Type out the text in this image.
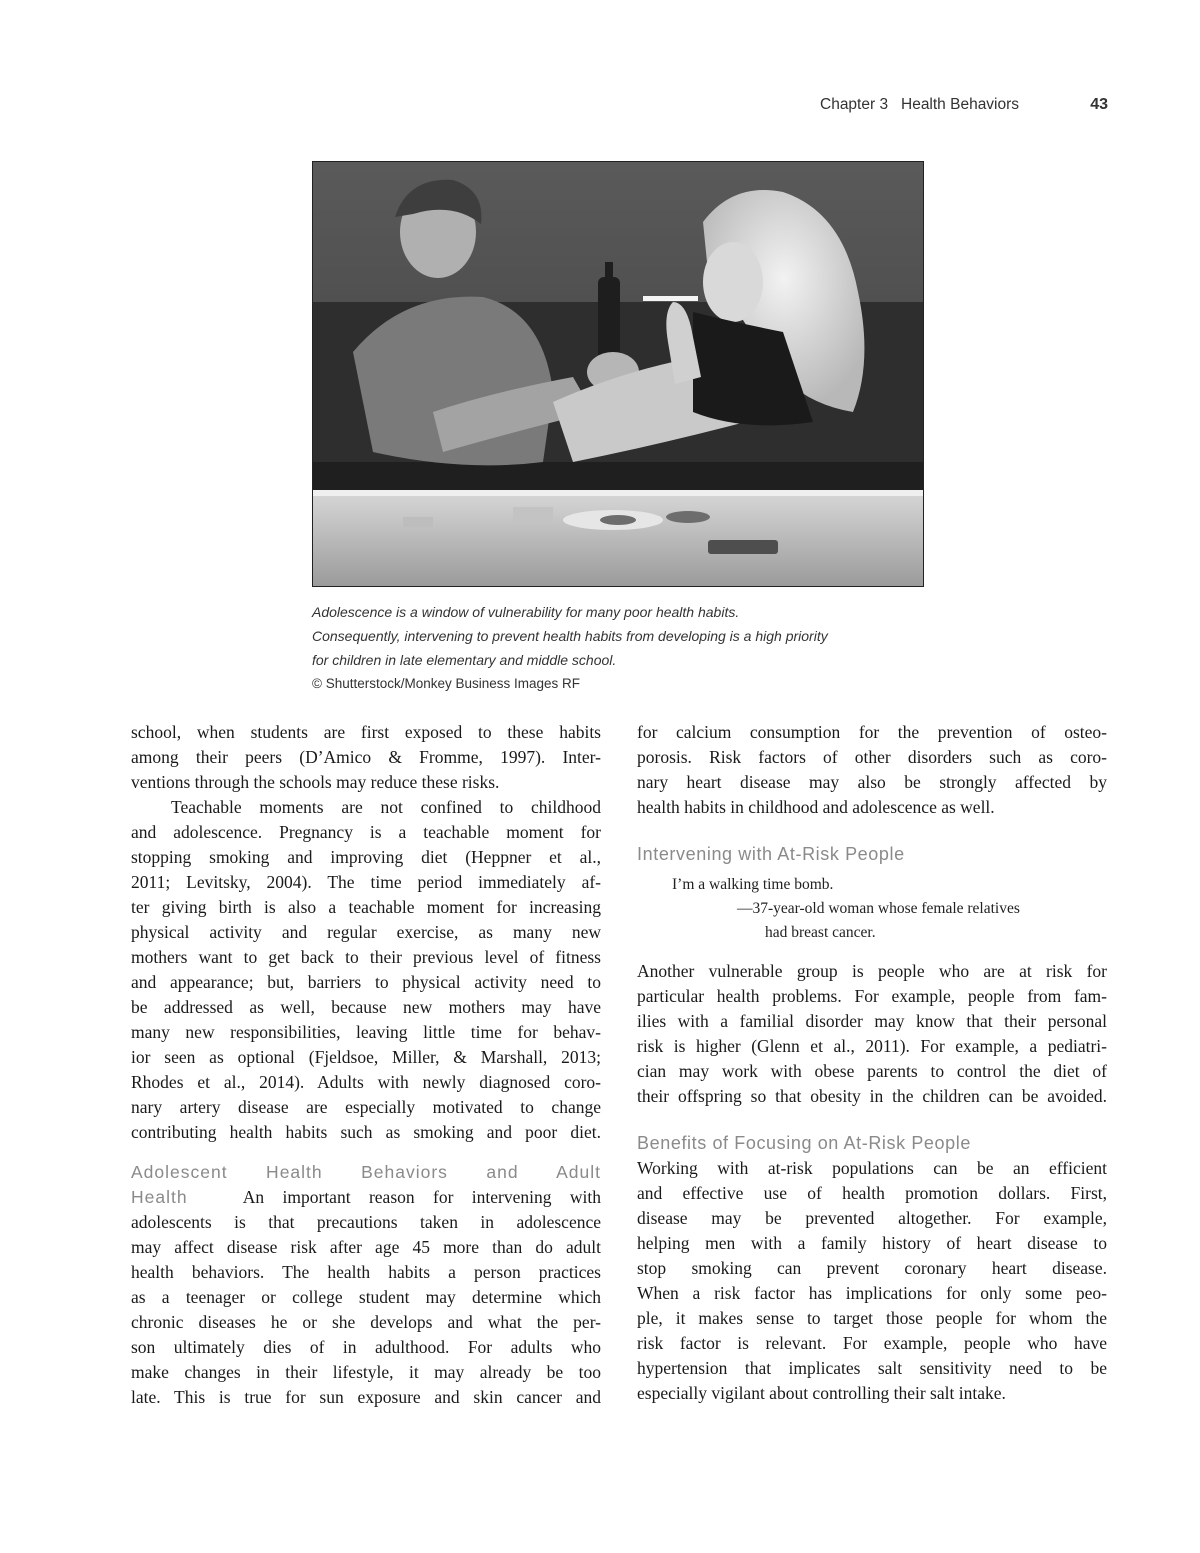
Chapter 3 Health Behaviors	43
Adolescence is a window of vulnerability for many poor health habits.
Consequently, intervening to prevent health habits from developing is a high priority
for children in late elementary and middle school.
© Shutterstock/Monkey Business Images RF
school, when students are first exposed to these habits
among their peers (D’Amico & Fromme, 1997). Inter-
ventions through the schools may reduce these risks.
Teachable moments are not confined to childhood
and adolescence. Pregnancy is a teachable moment for
stopping smoking and improving diet (Heppner et al.,
2011; Levitsky, 2004). The time period immediately af-
ter giving birth is also a teachable moment for increasing
physical activity and regular exercise, as many new
mothers want to get back to their previous level of fitness
and appearance; but, barriers to physical activity need to
be addressed as well, because new mothers may have
many new responsibilities, leaving little time for behav-
ior seen as optional (Fjeldsoe, Miller, & Marshall, 2013;
Rhodes et al., 2014). Adults with newly diagnosed coro-
nary artery disease are especially motivated to change
contributing health habits such as smoking and poor diet.
Adolescent Health Behaviors and Adult
Health	An important reason for intervening with
adolescents is that precautions taken in adolescence
may affect disease risk after age 45 more than do adult
health behaviors. The health habits a person practices
as a teenager or college student may determine which
chronic diseases he or she develops and what the per-
son ultimately dies of in adulthood. For adults who
make changes in their lifestyle, it may already be too
late. This is true for sun exposure and skin cancer and
for calcium consumption for the prevention of osteo-
porosis. Risk factors of other disorders such as coro-
nary heart disease may also be strongly affected by
health habits in childhood and adolescence as well.
Intervening with At-Risk People
I’m a walking time bomb.
—37-year-old woman whose female relatives
had breast cancer.
Another vulnerable group is people who are at risk for
particular health problems. For example, people from fam-
ilies with a familial disorder may know that their personal
risk is higher (Glenn et al., 2011). For example, a pediatri-
cian may work with obese parents to control the diet of
their offspring so that obesity in the children can be avoided.
Benefits of Focusing on At-Risk People
Working with at-risk populations can be an efficient
and effective use of health promotion dollars. First,
disease may be prevented altogether. For example,
helping men with a family history of heart disease to
stop smoking can prevent coronary heart disease.
When a risk factor has implications for only some peo-
ple, it makes sense to target those people for whom the
risk factor is relevant. For example, people who have
hypertension that implicates salt sensitivity need to be
especially vigilant about controlling their salt intake.
